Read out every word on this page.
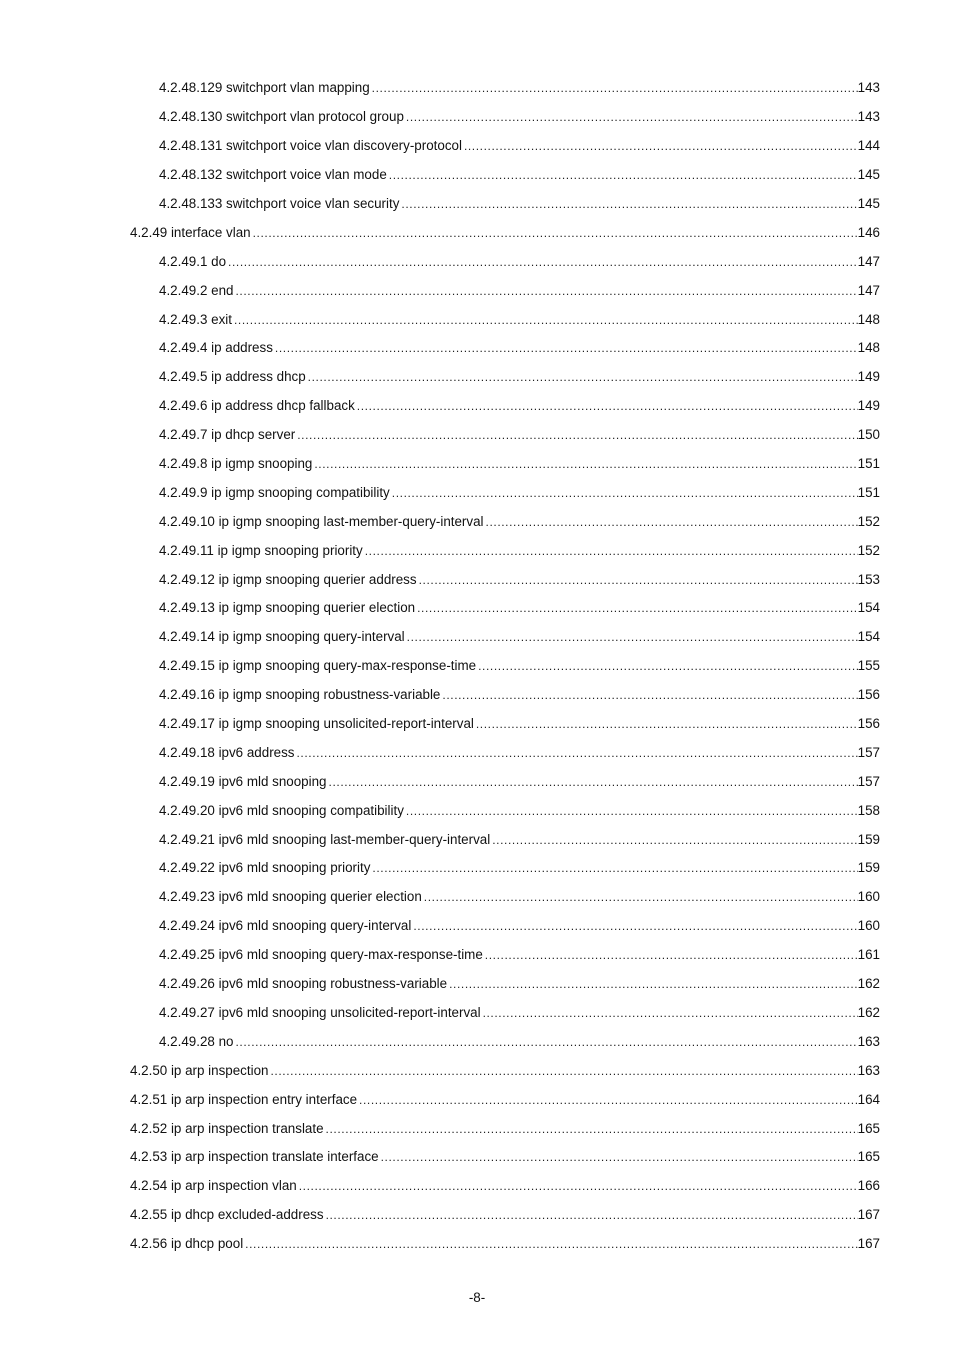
4.2.48.129 switchport vlan mapping .....	143
4.2.48.130 switchport vlan protocol group .....	143
4.2.48.131 switchport voice vlan discovery-protocol .....	144
4.2.48.132 switchport voice vlan mode .....	145
4.2.48.133 switchport voice vlan security .....	145
4.2.49 interface vlan .....	146
4.2.49.1 do .....	147
4.2.49.2 end .....	147
4.2.49.3 exit .....	148
4.2.49.4 ip address .....	148
4.2.49.5 ip address dhcp .....	149
4.2.49.6 ip address dhcp fallback .....	149
4.2.49.7 ip dhcp server .....	150
4.2.49.8 ip igmp snooping .....	151
4.2.49.9 ip igmp snooping compatibility .....	151
4.2.49.10 ip igmp snooping last-member-query-interval .....	152
4.2.49.11 ip igmp snooping priority .....	152
4.2.49.12 ip igmp snooping querier address .....	153
4.2.49.13 ip igmp snooping querier election .....	154
4.2.49.14 ip igmp snooping query-interval .....	154
4.2.49.15 ip igmp snooping query-max-response-time .....	155
4.2.49.16 ip igmp snooping robustness-variable .....	156
4.2.49.17 ip igmp snooping unsolicited-report-interval .....	156
4.2.49.18 ipv6 address .....	157
4.2.49.19 ipv6 mld snooping .....	157
4.2.49.20 ipv6 mld snooping compatibility .....	158
4.2.49.21 ipv6 mld snooping last-member-query-interval .....	159
4.2.49.22 ipv6 mld snooping priority .....	159
4.2.49.23 ipv6 mld snooping querier election .....	160
4.2.49.24 ipv6 mld snooping query-interval .....	160
4.2.49.25 ipv6 mld snooping query-max-response-time .....	161
4.2.49.26 ipv6 mld snooping robustness-variable .....	162
4.2.49.27 ipv6 mld snooping unsolicited-report-interval .....	162
4.2.49.28 no .....	163
4.2.50 ip arp inspection .....	163
4.2.51 ip arp inspection entry interface .....	164
4.2.52 ip arp inspection translate .....	165
4.2.53 ip arp inspection translate interface .....	165
4.2.54 ip arp inspection vlan .....	166
4.2.55 ip dhcp excluded-address .....	167
4.2.56 ip dhcp pool .....	167
-8-
